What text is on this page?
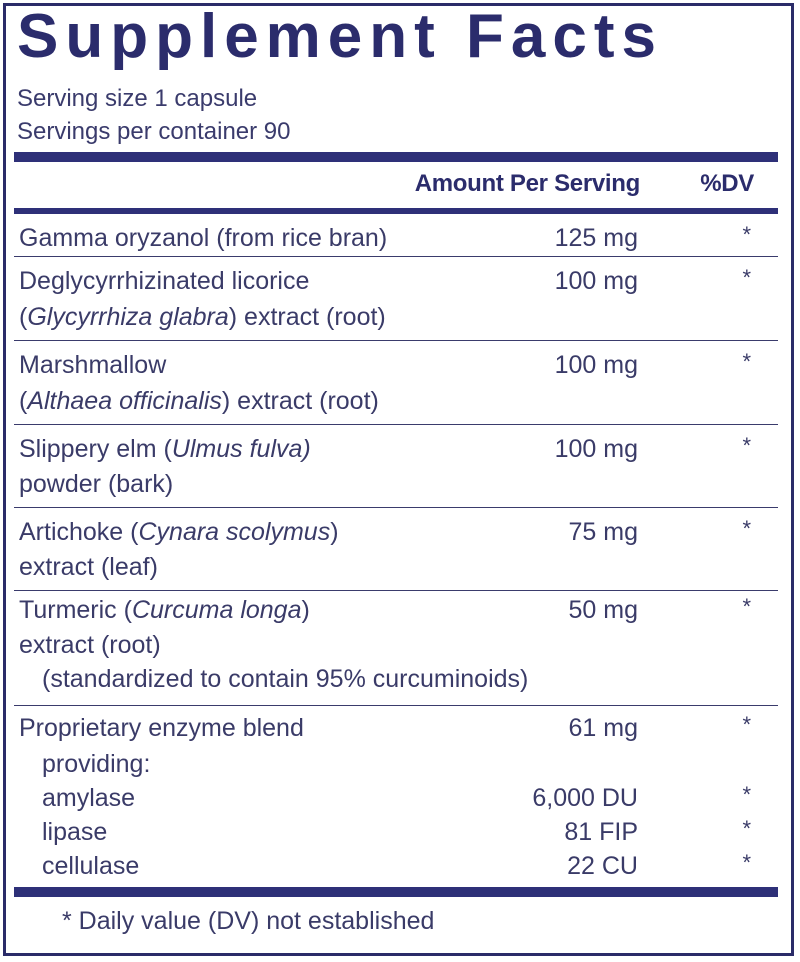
Supplement Facts
Serving size 1 capsule
Servings per container 90
Amount Per Serving	%DV
Gamma oryzanol (from rice bran)	125 mg	*
Deglycyrrhizinated licorice
(Glycyrrhiza glabra) extract (root)
100 mg	*
Marshmallow
(Althaea officinalis) extract (root)
100 mg	*
Slippery elm (Ulmus fulva)
powder (bark)
100 mg	*
Artichoke (Cynara scolymus)
extract (leaf)
75 mg	*
Turmeric (Curcuma longa)
extract (root)
(standardized to contain 95% curcuminoids)
50 mg	*
Proprietary enzyme blend
providing:
61 mg	*
amylase	6,000 DU	*
lipase	81 FIP	*
cellulase	22 CU	*
* Daily value (DV) not established
